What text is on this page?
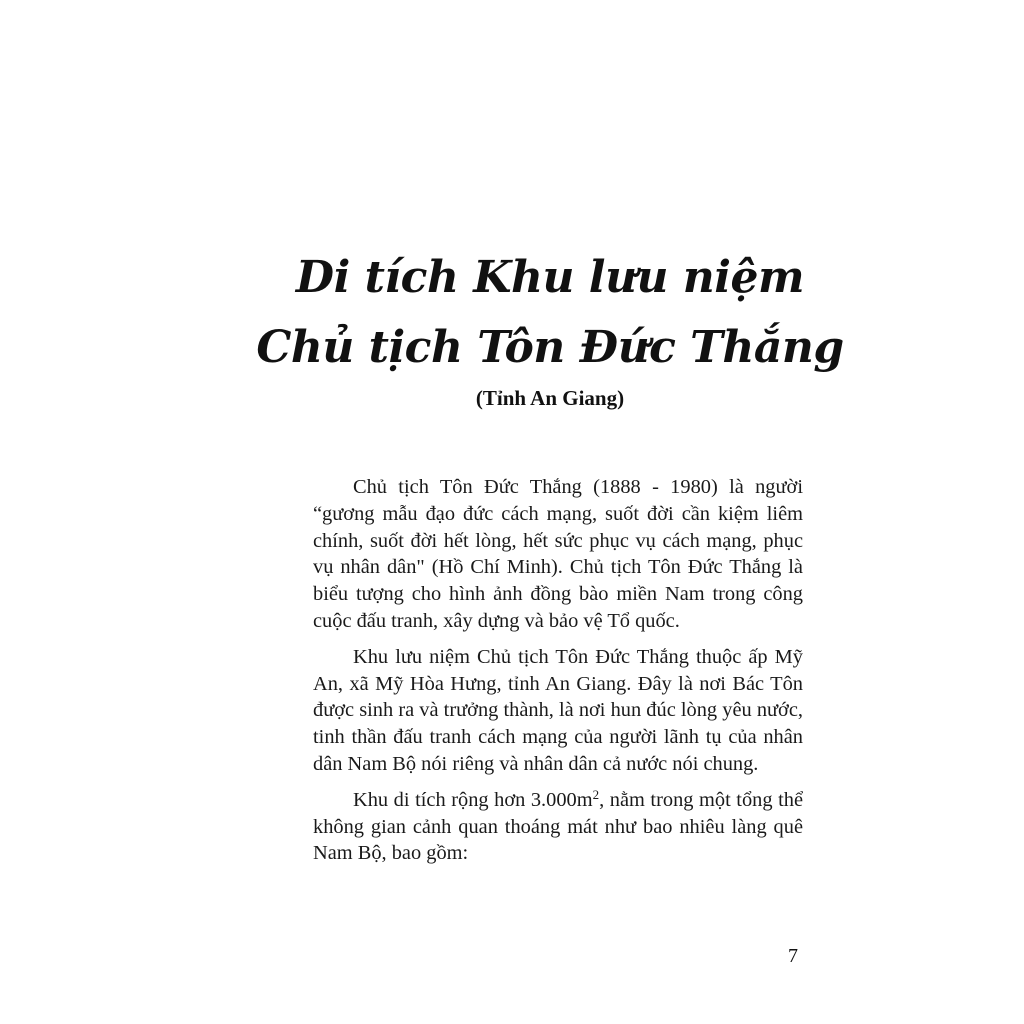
Di tích Khu lưu niệm
Chủ tịch Tôn Đức Thắng
(Tỉnh An Giang)

Chủ tịch Tôn Đức Thắng (1888 - 1980) là người “gương mẫu đạo đức cách mạng, suốt đời cần kiệm liêm chính, suốt đời hết lòng, hết sức phục vụ cách mạng, phục vụ nhân dân" (Hồ Chí Minh). Chủ tịch Tôn Đức Thắng là biểu tượng cho hình ảnh đồng bào miền Nam trong công cuộc đấu tranh, xây dựng và bảo vệ Tổ quốc.

Khu lưu niệm Chủ tịch Tôn Đức Thắng thuộc ấp Mỹ An, xã Mỹ Hòa Hưng, tỉnh An Giang. Đây là nơi Bác Tôn được sinh ra và trưởng thành, là nơi hun đúc lòng yêu nước, tinh thần đấu tranh cách mạng của người lãnh tụ của nhân dân Nam Bộ nói riêng và nhân dân cả nước nói chung.

Khu di tích rộng hơn $3.000m^2$, nằm trong một tổng thể không gian cảnh quan thoáng mát như bao nhiêu làng quê Nam Bộ, bao gồm:

7
